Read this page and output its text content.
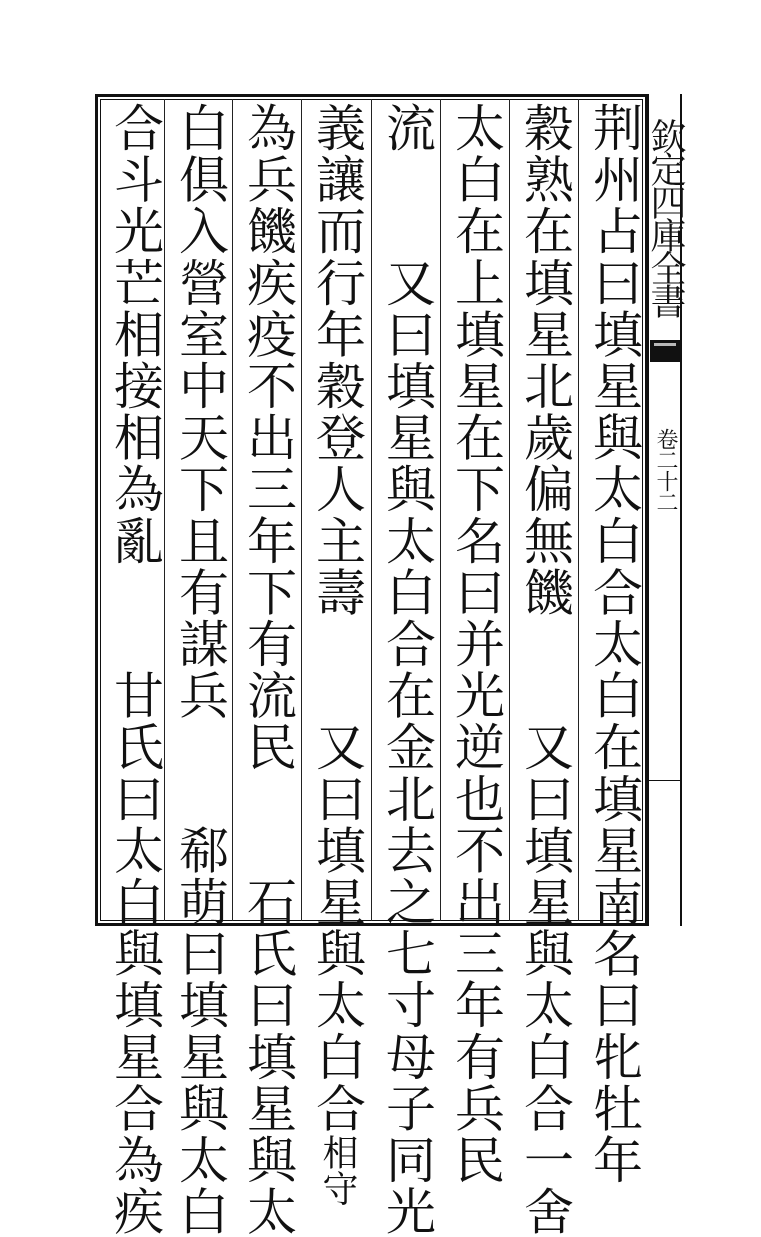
荆州占曰填星與太白合太白在填星南名曰牝牡年
穀熟在填星北歲偏無饑　　又曰填星與太白合一舍
太白在上填星在下名曰并光逆也不出三年有兵民
流　　又曰填星與太白合在金北去之七寸母子同光
義讓而行年穀登人主壽　　又曰填星與太白合相守
為兵饑疾疫不出三年下有流民　　石氏曰填星與太
白俱入營室中天下且有謀兵　　郗萌曰填星與太白
合斗光芒相接相為亂　　甘氏曰太白與填星合為疾	欽定四庫全書
卷二十二
